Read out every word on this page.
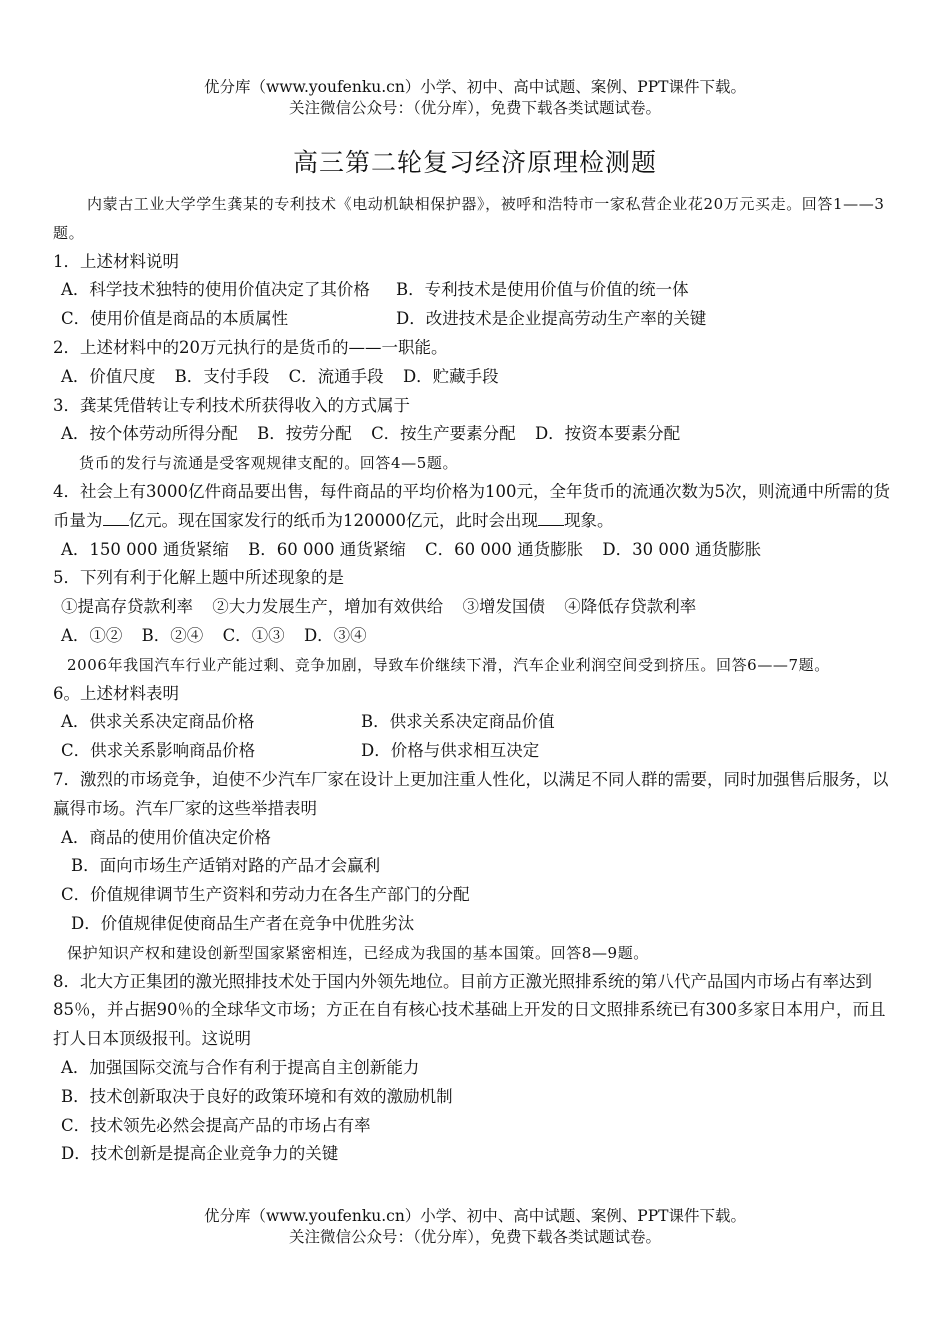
优分库（www.youfenku.cn）小学、初中、高中试题、案例、PPT课件下载。
关注微信公众号：（优分库），免费下载各类试题试卷。
高三第二轮复习经济原理检测题

内蒙古工业大学学生龚某的专利技术《电动机缺相保护器》，被呼和浩特市一家私营企业花20万元买走。回答1——3题。

1．上述材料说明

A．科学技术独特的使用价值决定了其价格	B．专利技术是使用价值与价值的统一体
C．使用价值是商品的本质属性	D．改进技术是企业提高劳动生产率的关键

2．上述材料中的20万元执行的是货币的——一职能。

A．价值尺度 B．支付手段 C．流通手段 D．贮藏手段

3．龚某凭借转让专利技术所获得收入的方式属于

A．按个体劳动所得分配 B．按劳分配 C．按生产要素分配 D．按资本要素分配

货币的发行与流通是受客观规律支配的。回答4—5题。

4．社会上有3000亿件商品要出售，每件商品的平均价格为100元，全年货币的流通次数为5次，则流通中所需的货币量为 亿元。现在国家发行的纸币为120000亿元，此时会出现 现象。

A．150 000 通货紧缩 B．60 000 通货紧缩 C．60 000 通货膨胀 D．30 000 通货膨胀

5．下列有利于化解上题中所述现象的是

①提高存贷款利率 ②大力发展生产，增加有效供给 ③增发国债 ④降低存贷款利率
A．①② B．②④ C．①③ D．③④

2006年我国汽车行业产能过剩、竞争加剧，导致车价继续下滑，汽车企业利润空间受到挤压。回答6——7题。

6。上述材料表明

A．供求关系决定商品价格	B．供求关系决定商品价值
C．供求关系影响商品价格	D．价格与供求相互决定

7．激烈的市场竞争，迫使不少汽车厂家在设计上更加注重人性化，以满足不同人群的需要，同时加强售后服务，以赢得市场。汽车厂家的这些举措表明

A．商品的使用价值决定价格
B．面向市场生产适销对路的产品才会赢利
C．价值规律调节生产资料和劳动力在各生产部门的分配
D．价值规律促使商品生产者在竞争中优胜劣汰

保护知识产权和建设创新型国家紧密相连，已经成为我国的基本国策。回答8—9题。

8．北大方正集团的激光照排技术处于国内外领先地位。目前方正激光照排系统的第八代产品国内市场占有率达到85％，并占据90％的全球华文市场；方正在自有核心技术基础上开发的日文照排系统已有300多家日本用户，而且打人日本顶级报刊。这说明

A．加强国际交流与合作有利于提高自主创新能力
B．技术创新取决于良好的政策环境和有效的激励机制
C．技术领先必然会提高产品的市场占有率
D．技术创新是提高企业竞争力的关键
优分库（www.youfenku.cn）小学、初中、高中试题、案例、PPT课件下载。
关注微信公众号：（优分库），免费下载各类试题试卷。
